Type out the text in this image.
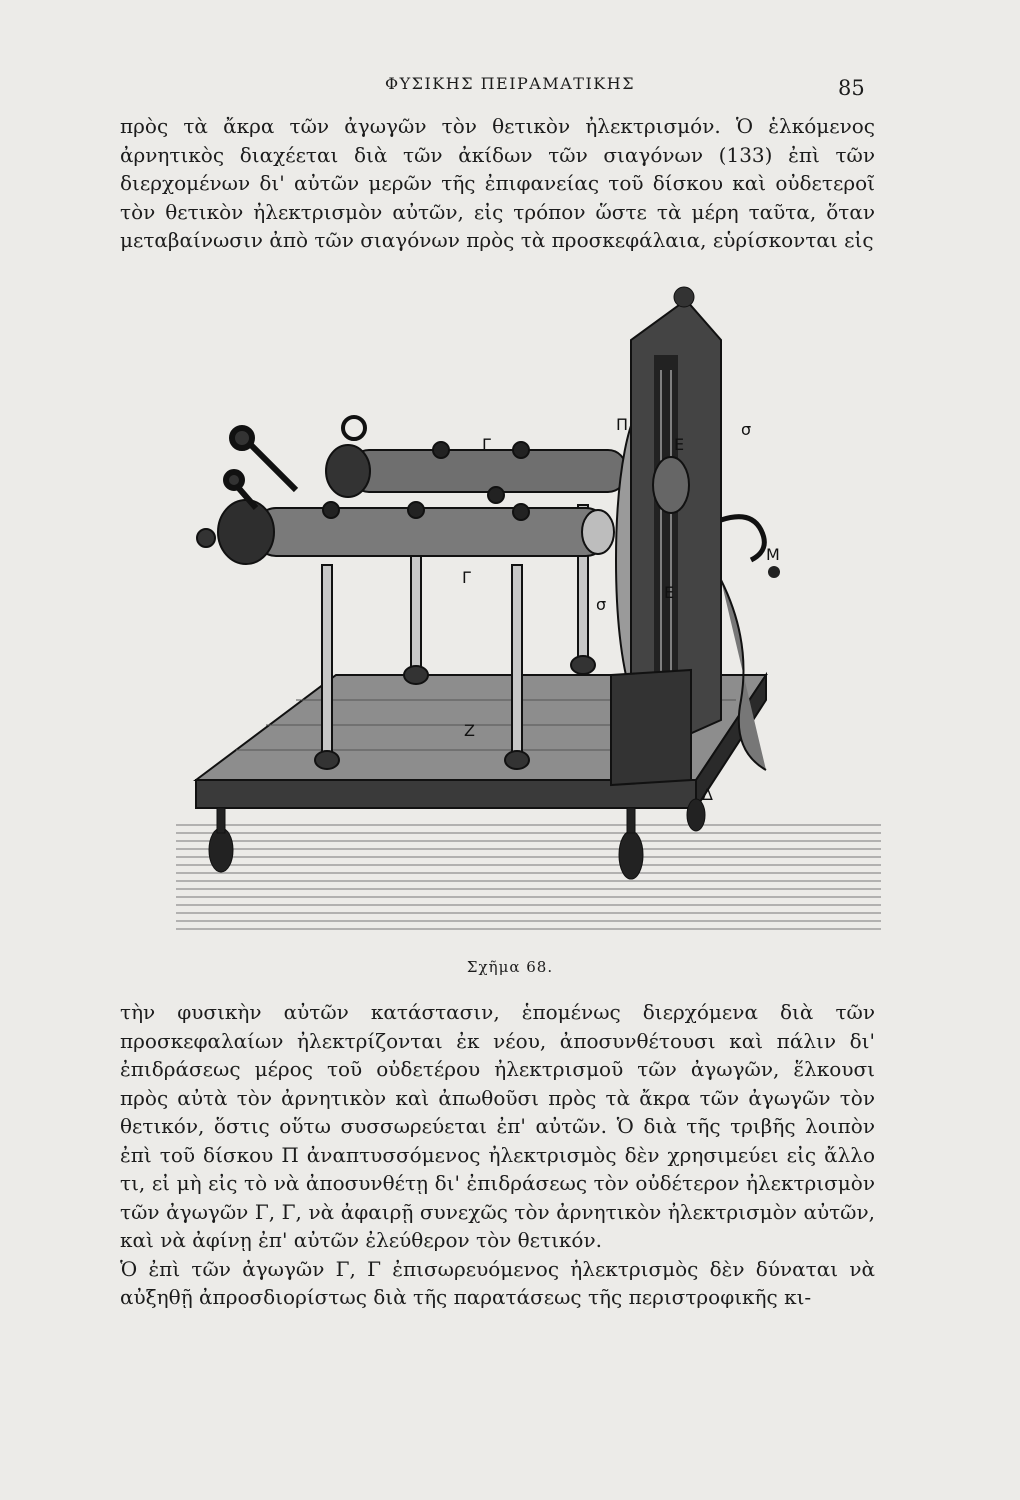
ΦΥΣΙΚΗΣ ΠΕΙΡΑΜΑΤΙΚΗΣ	85

πρὸς τὰ ἄκρα τῶν ἀγωγῶν τὸν θετικὸν ἠλεκτρισμόν. Ὁ ἑλκόμενος ἀρνητικὸς διαχέεται διὰ τῶν ἀκίδων τῶν σιαγόνων (133) ἐπὶ τῶν διερχομένων δι' αὐτῶν μερῶν τῆς ἐπιφανείας τοῦ δίσκου καὶ οὐδετεροῖ τὸν θετικὸν ἠλεκτρισμὸν αὐτῶν, εἰς τρόπον ὥστε τὰ μέρη ταῦτα, ὅταν μεταβαίνωσιν ἀπὸ τῶν σιαγόνων πρὸς τὰ προσκεφάλαια, εὑρίσκονται εἰς

Γ
Γ
Π	σ
σ
Ε
Ε
Μ
Z
Δ
Σχῆμα 68.

τὴν φυσικὴν αὐτῶν κατάστασιν, ἑπομένως διερχόμενα διὰ τῶν προσκεφαλαίων ἠλεκτρίζονται ἐκ νέου, ἀποσυνθέτουσι καὶ πάλιν δι' ἐπιδράσεως μέρος τοῦ οὐδετέρου ἠλεκτρισμοῦ τῶν ἀγωγῶν, ἕλκουσι πρὸς αὐτὰ τὸν ἀρνητικὸν καὶ ἀπωθοῦσι πρὸς τὰ ἄκρα τῶν ἀγωγῶν τὸν θετικόν, ὅστις οὕτω συσσωρεύεται ἐπ' αὐτῶν. Ὁ διὰ τῆς τριβῆς λοιπὸν ἐπὶ τοῦ δίσκου Π ἀναπτυσσόμενος ἠλεκτρισμὸς δὲν χρησιμεύει εἰς ἄλλο τι, εἰ μὴ εἰς τὸ νὰ ἀποσυνθέτῃ δι' ἐπιδράσεως τὸν οὐδέτερον ἠλεκτρισμὸν τῶν ἀγωγῶν Γ, Γ, νὰ ἀφαιρῇ συνεχῶς τὸν ἀρνητικὸν ἠλεκτρισμὸν αὐτῶν, καὶ νὰ ἀφίνῃ ἐπ' αὐτῶν ἐλεύθερον τὸν θετικόν.

Ὁ ἐπὶ τῶν ἀγωγῶν Γ, Γ ἐπισωρευόμενος ἠλεκτρισμὸς δὲν δύναται νὰ αὐξηθῇ ἀπροσδιορίστως διὰ τῆς παρατάσεως τῆς περιστροφικῆς κι-
